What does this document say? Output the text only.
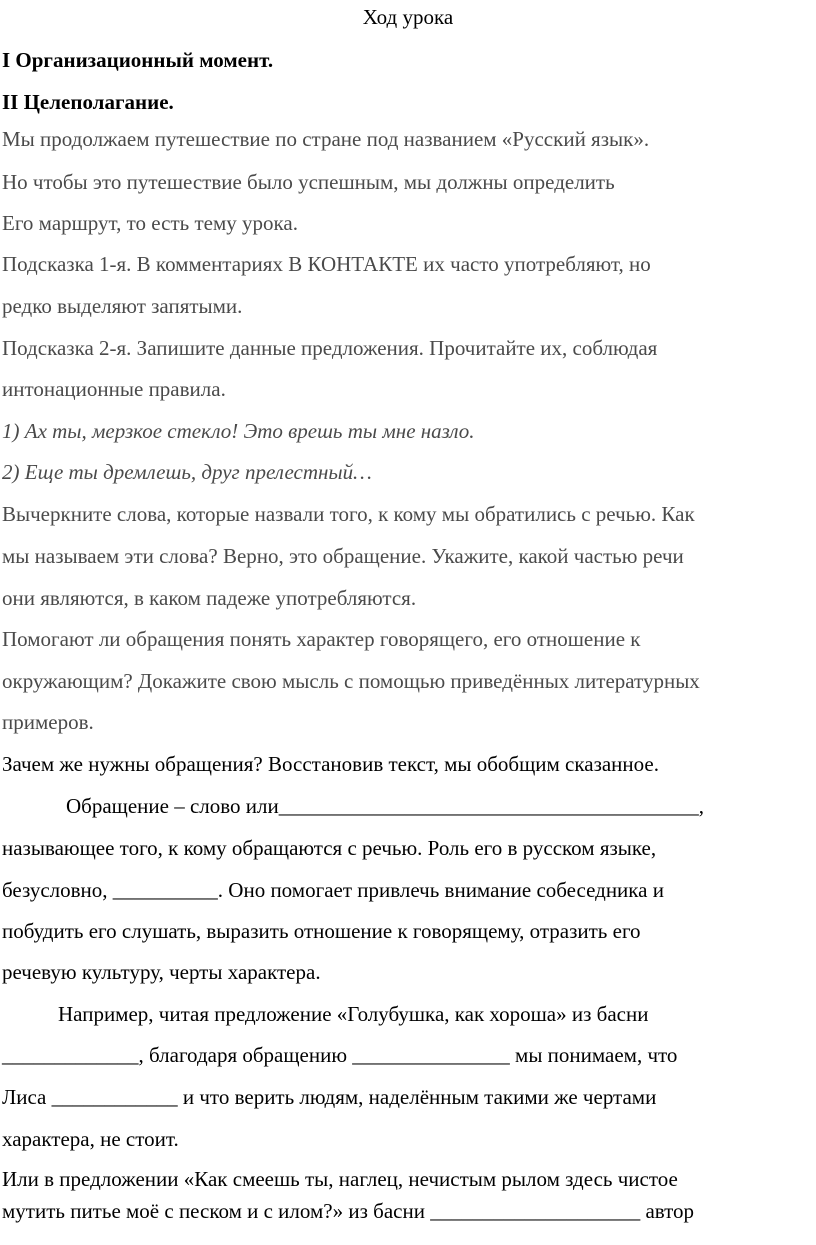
Ход урока
I Организационный момент.
II Целеполагание.
Мы продолжаем путешествие по стране под названием «Русский язык».
Но чтобы это путешествие было успешным, мы должны определить
Его маршрут, то есть тему урока.
Подсказка 1-я. В комментариях В КОНТАКТЕ их часто употребляют, но
редко выделяют запятыми.
Подсказка 2-я. Запишите данные предложения. Прочитайте их, соблюдая
интонационные правила.
1) Ах ты, мерзкое стекло! Это врешь ты мне назло.
2) Еще ты дремлешь, друг прелестный…
Вычеркните слова, которые назвали того, к кому мы обратились с речью. Как
мы называем эти слова? Верно, это обращение. Укажите, какой частью речи
они являются, в каком падеже употребляются.
Помогают ли обращения понять характер говорящего, его отношение к
окружающим? Докажите свою мысль с помощью приведённых литературных
примеров.
Зачем же нужны обращения? Восстановив текст, мы обобщим сказанное.
Обращение – слово или________________________________________,
называющее того, к кому обращаются с речью. Роль его в русском языке,
безусловно, __________. Оно помогает привлечь внимание собеседника и
побудить его слушать, выразить отношение к говорящему, отразить его
речевую культуру, черты характера.
Например, читая предложение «Голубушка, как хороша» из басни
_____________, благодаря обращению _______________ мы понимаем, что
Лиса ____________ и что верить людям, наделённым такими же чертами
характера, не стоит.
Или в предложении «Как смеешь ты, наглец, нечистым рылом здесь чистое
мутить питье моё с песком и с илом?» из басни ____________________ автор
